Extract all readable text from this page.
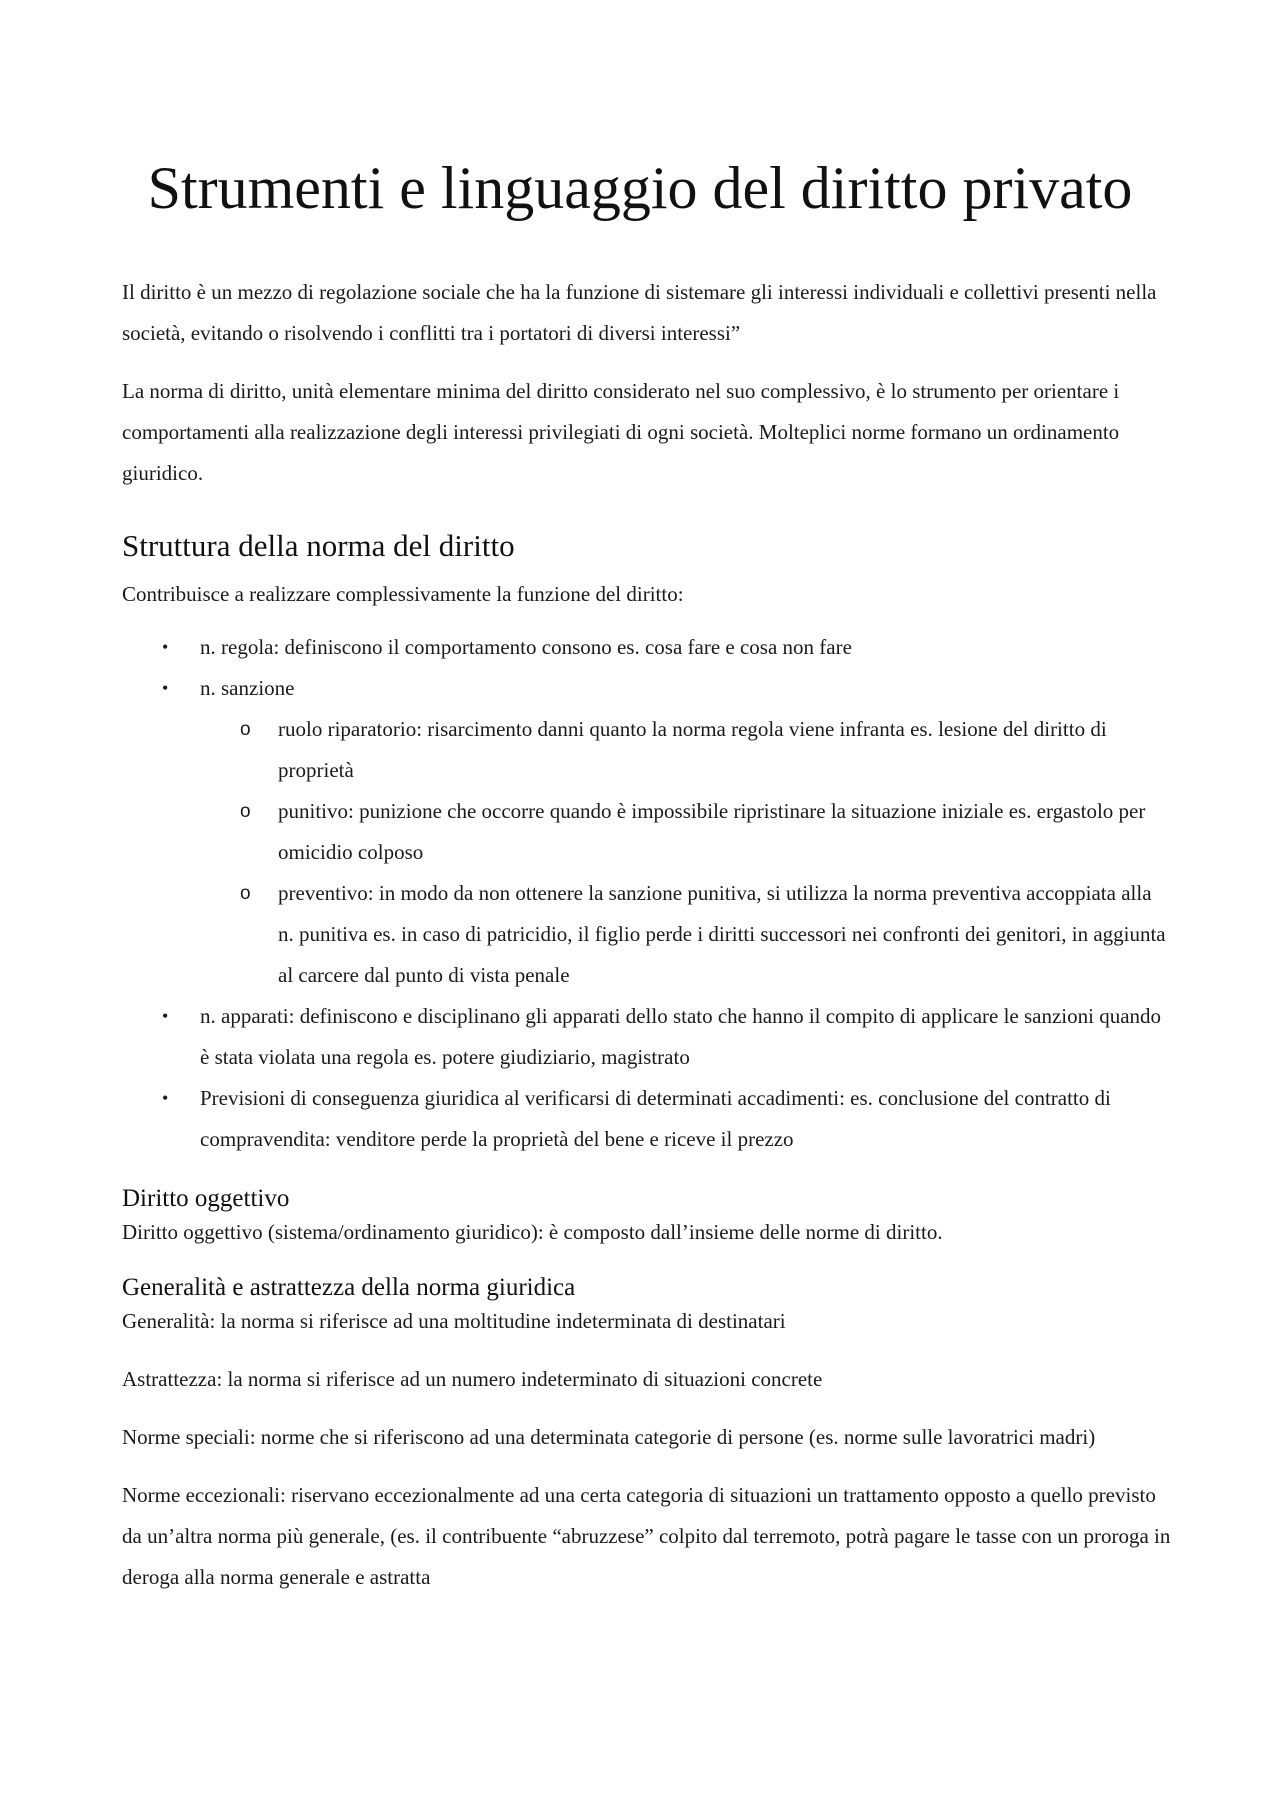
Strumenti e linguaggio del diritto privato

Il diritto è un mezzo di regolazione sociale che ha la funzione di sistemare gli interessi individuali e collettivi presenti nella società, evitando o risolvendo i conflitti tra i portatori di diversi interessi”

La norma di diritto, unità elementare minima del diritto considerato nel suo complessivo, è lo strumento per orientare i comportamenti alla realizzazione degli interessi privilegiati di ogni società. Molteplici norme formano un ordinamento giuridico.

Struttura della norma del diritto

Contribuisce a realizzare complessivamente la funzione del diritto:

• n. regola: definiscono il comportamento consono es. cosa fare e cosa non fare
• n. sanzione
o ruolo riparatorio: risarcimento danni quanto la norma regola viene infranta es. lesione del diritto di proprietà
o punitivo: punizione che occorre quando è impossibile ripristinare la situazione iniziale es. ergastolo per omicidio colposo
o preventivo: in modo da non ottenere la sanzione punitiva, si utilizza la norma preventiva accoppiata alla n. punitiva es. in caso di patricidio, il figlio perde i diritti successori nei confronti dei genitori, in aggiunta al carcere dal punto di vista penale
• n. apparati: definiscono e disciplinano gli apparati dello stato che hanno il compito di applicare le sanzioni quando è stata violata una regola es. potere giudiziario, magistrato
• Previsioni di conseguenza giuridica al verificarsi di determinati accadimenti: es. conclusione del contratto di compravendita: venditore perde la proprietà del bene e riceve il prezzo
Diritto oggettivo

Diritto oggettivo (sistema/ordinamento giuridico): è composto dall’insieme delle norme di diritto.

Generalità e astrattezza della norma giuridica

Generalità: la norma si riferisce ad una moltitudine indeterminata di destinatari

Astrattezza: la norma si riferisce ad un numero indeterminato di situazioni concrete

Norme speciali: norme che si riferiscono ad una determinata categorie di persone (es. norme sulle lavoratrici madri)

Norme eccezionali: riservano eccezionalmente ad una certa categoria di situazioni un trattamento opposto a quello previsto da un’altra norma più generale, (es. il contribuente “abruzzese” colpito dal terremoto, potrà pagare le tasse con un proroga in deroga alla norma generale e astratta
